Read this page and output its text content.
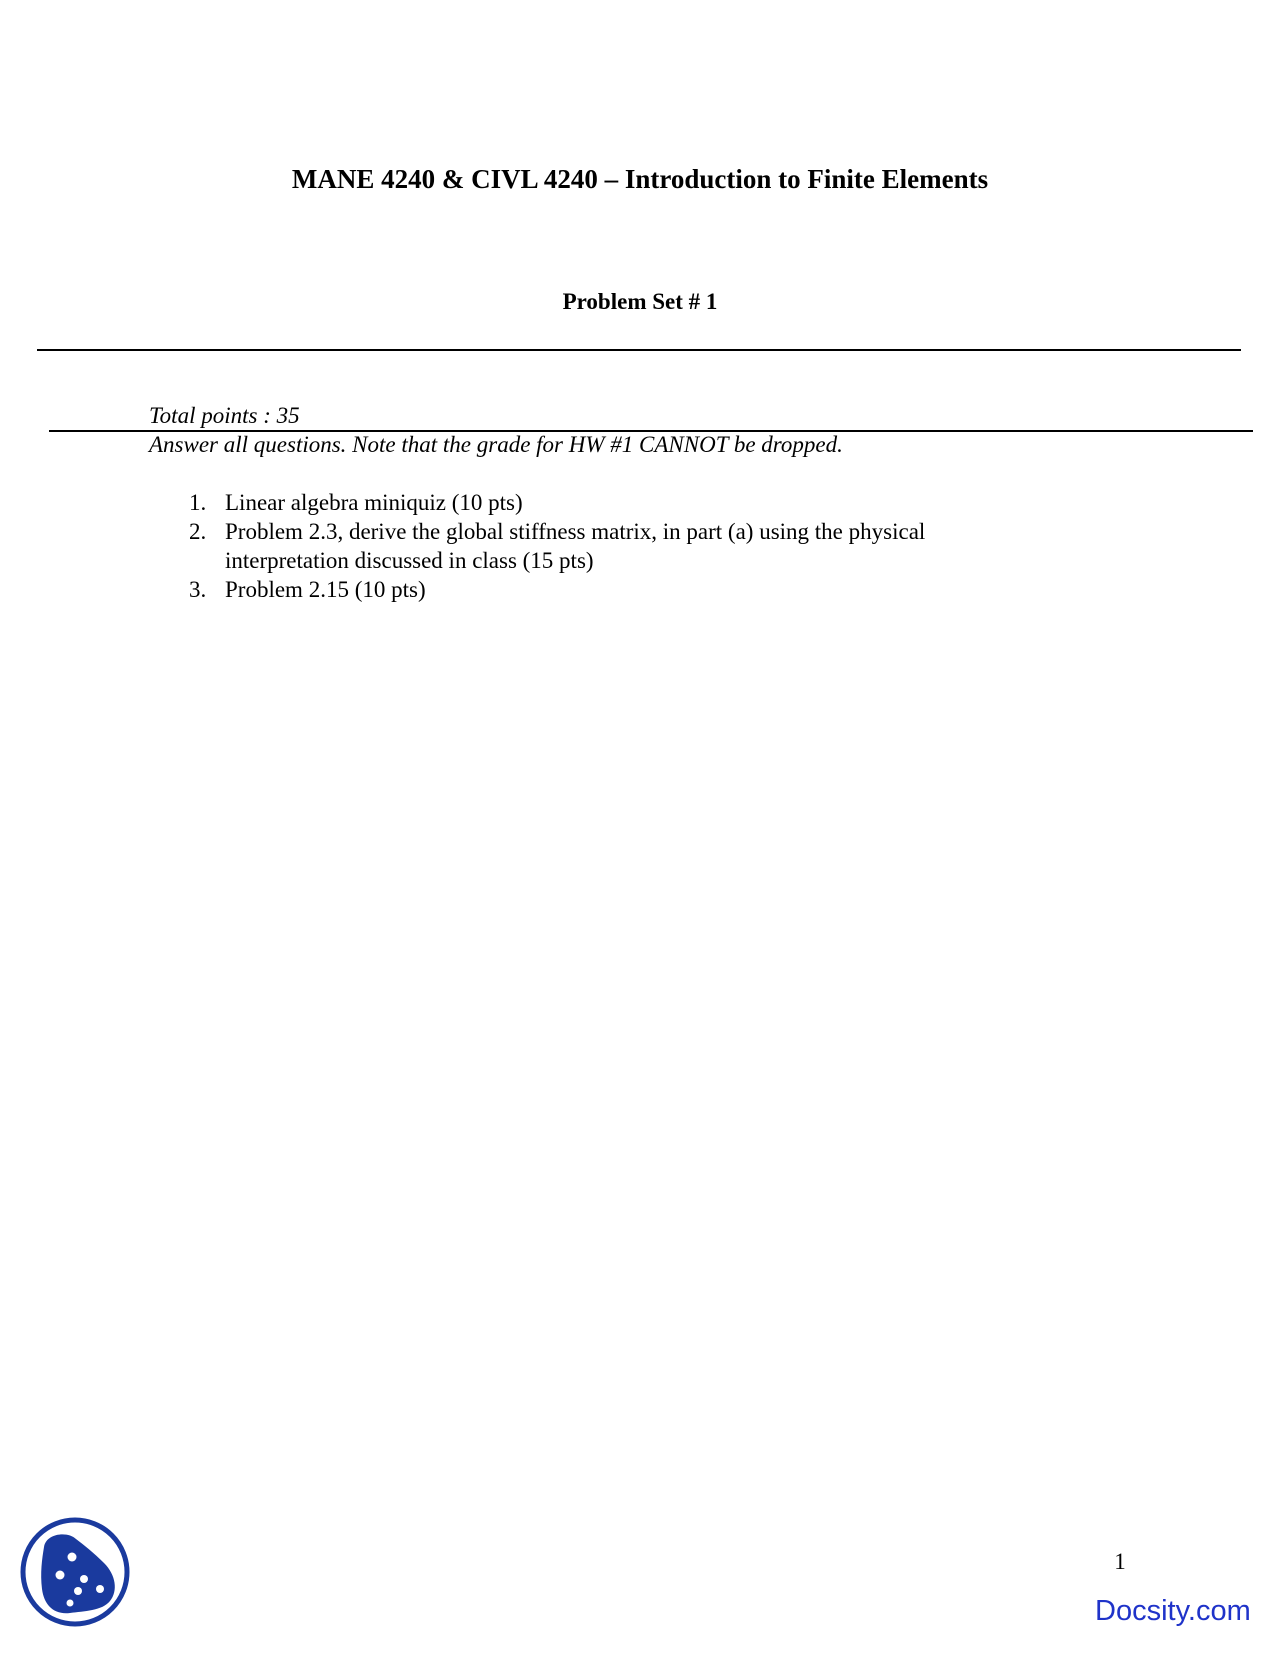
MANE 4240 & CIVL 4240 – Introduction to Finite Elements
Problem Set # 1
Total points : 35
Answer all questions. Note that the grade for HW #1 CANNOT be dropped.
1. Linear algebra miniquiz (10 pts)
2. Problem 2.3, derive the global stiffness matrix, in part (a) using the physical interpretation discussed in class (15 pts)
3. Problem 2.15 (10 pts)
1
Docsity.com
